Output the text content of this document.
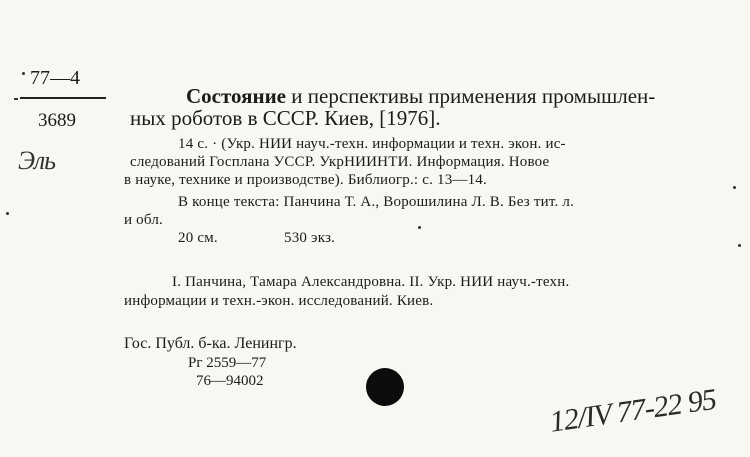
77—4
3689
Эль
Состояние и перспективы применения промышлен-
ных роботов в СССР. Киев, [1976].
14 с. · (Укр. НИИ науч.-техн. информации и техн. экон. ис-
следований Госплана УССР. УкрНИИНТИ. Информация. Новое
в науке, технике и производстве). Библиогр.: с. 13—14.
В конце текста: Панчина Т. А., Ворошилина Л. В. Без тит. л.
и обл.
20 см.	530 экз.
I. Панчина, Тамара Александровна. II. Укр. НИИ науч.-техн.
информации и техн.-экон. исследований. Киев.
Гос. Публ. б-ка. Ленингр.
Рг 2559—77
76—94002
12/IV 77-22 95
